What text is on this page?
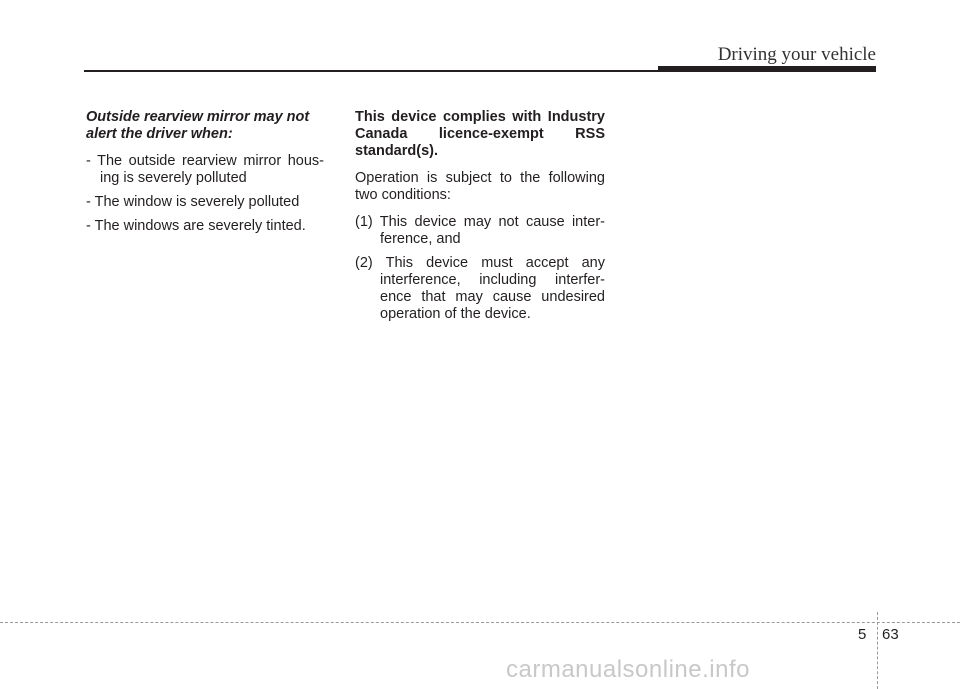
Driving your vehicle

Outside rearview mirror may not alert the driver when:

- The outside rearview mirror hous-ing is severely polluted

- The window is severely polluted

- The windows are severely tinted.

This device complies with Industry Canada licence-exempt RSS standard(s).

Operation is subject to the following two conditions:

(1) This device may not cause inter-ference, and

(2) This device must accept any interference, including interfer-ence that may cause undesired operation of the device.

5 63
carmanualsonline.info
